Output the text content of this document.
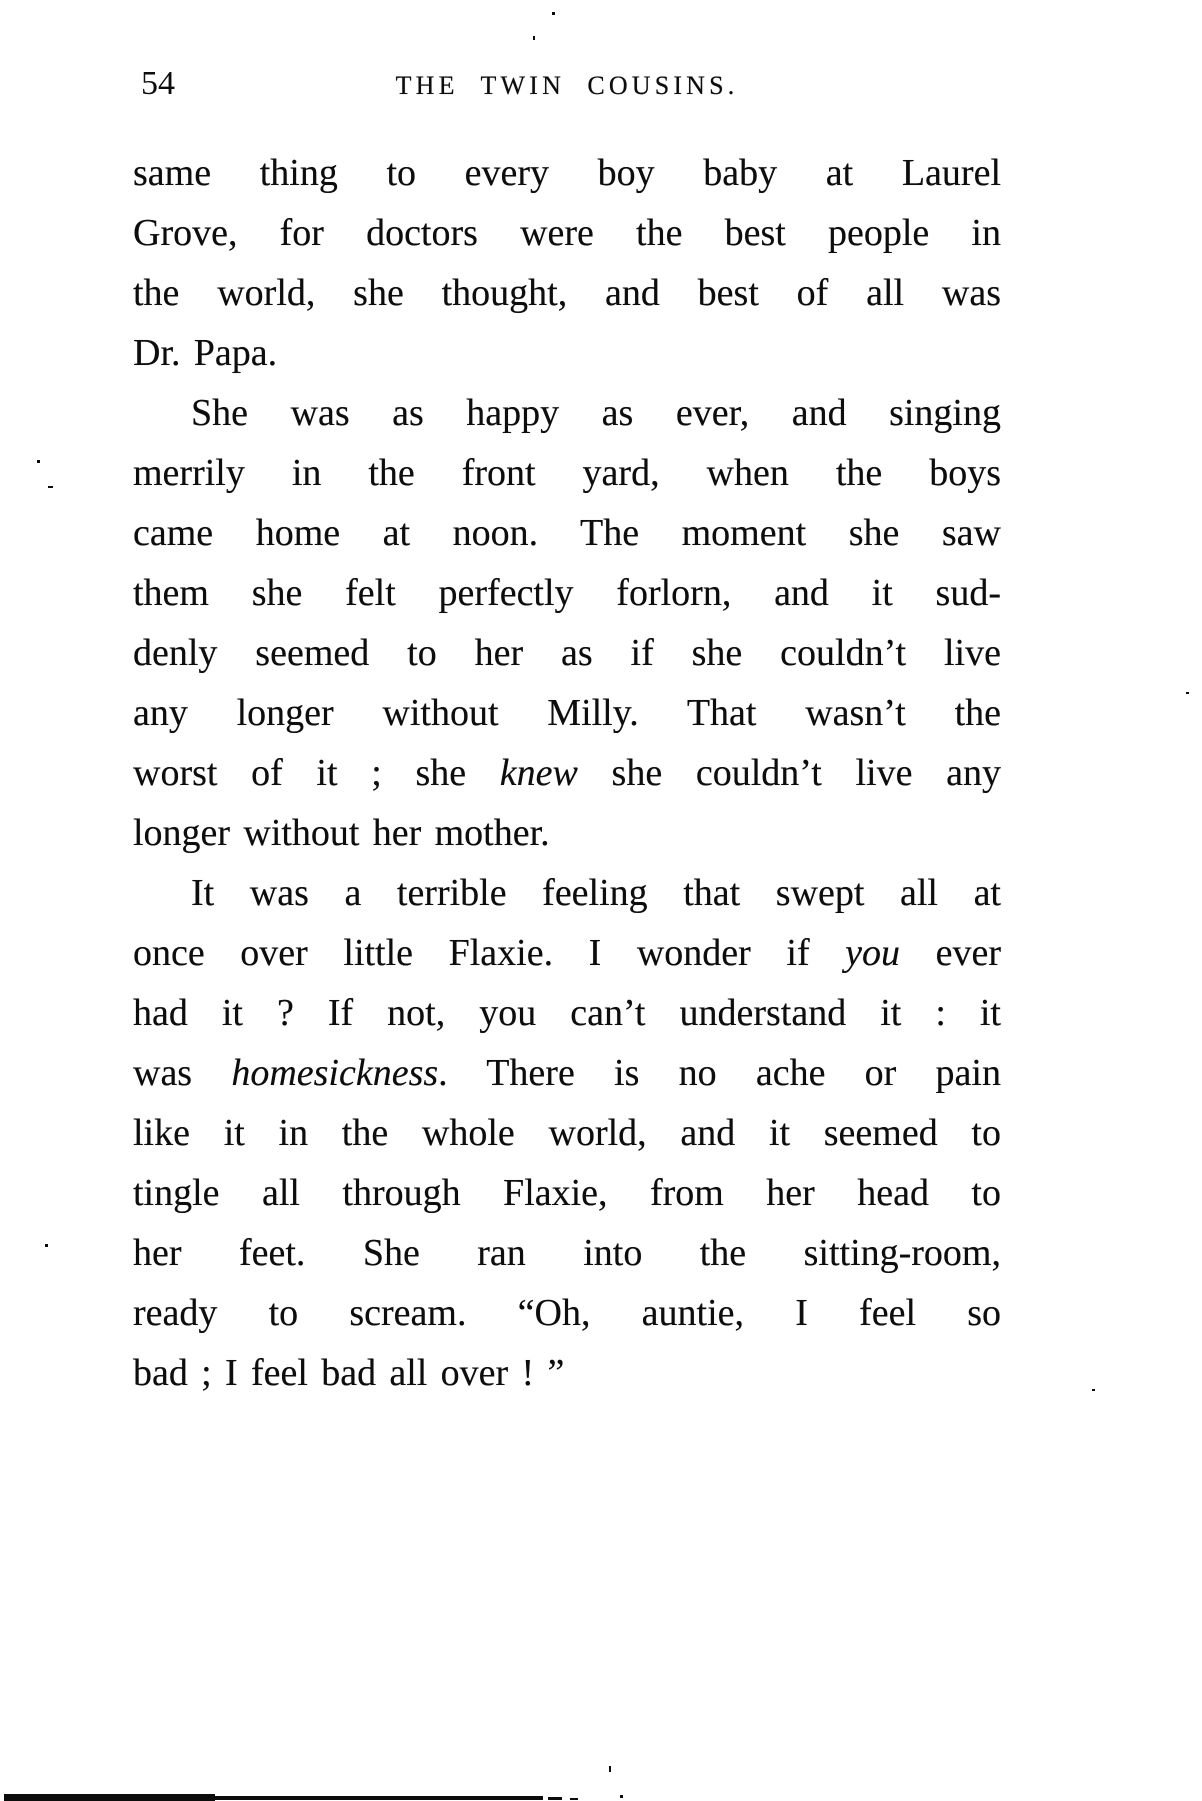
54	THE TWIN COUSINS.
same thing to every boy baby at Laurel
Grove, for doctors were the best people in
the world, she thought, and best of all was
Dr. Papa.
She was as happy as ever, and singing
merrily in the front yard, when the boys
came home at noon. The moment she saw
them she felt perfectly forlorn, and it sud-
denly seemed to her as if she couldn’t live
any longer without Milly. That wasn’t the
worst of it ; she knew she couldn’t live any
longer without her mother.
It was a terrible feeling that swept all at
once over little Flaxie. I wonder if you ever
had it ? If not, you can’t understand it : it
was homesickness. There is no ache or pain
like it in the whole world, and it seemed to
tingle all through Flaxie, from her head to
her feet. She ran into the sitting-room,
ready to scream. “Oh, auntie, I feel so
bad ; I feel bad all over ! ”
